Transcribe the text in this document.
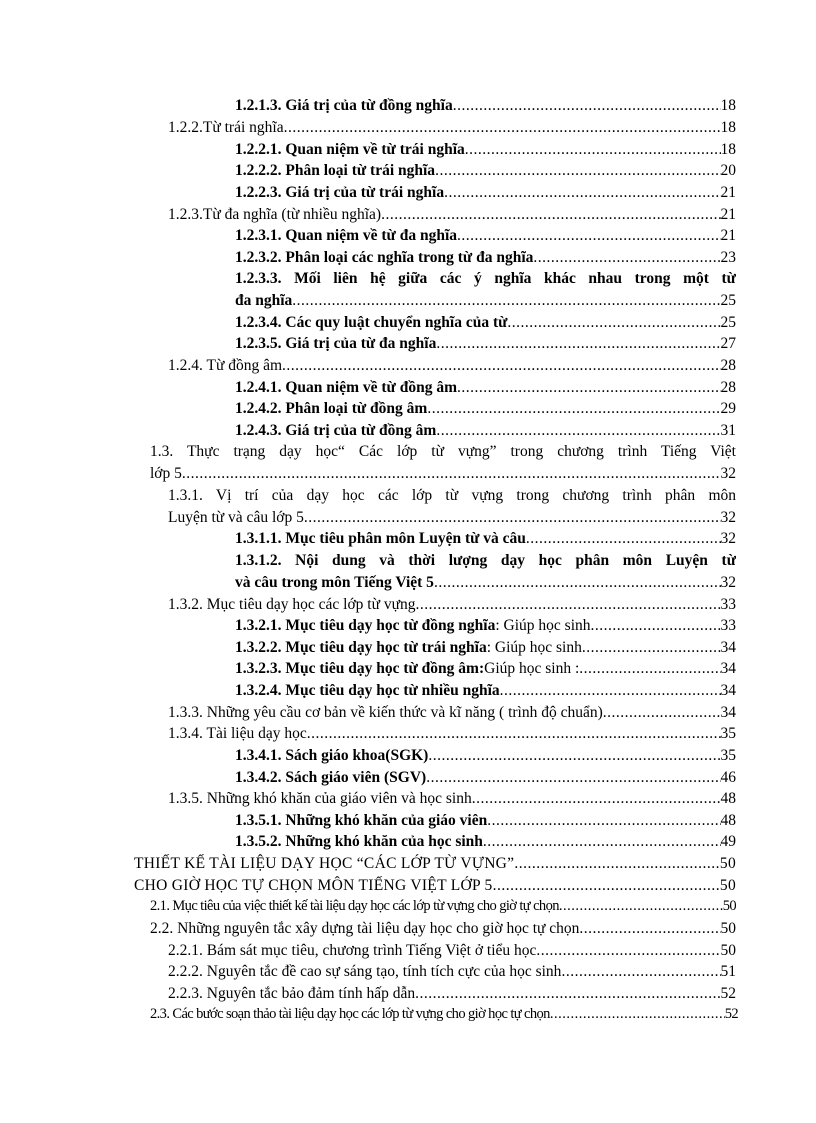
1.2.1.3. Giá trị của từ đồng nghĩa .....	18
1.2.2.Từ trái nghĩa .....	18
1.2.2.1. Quan niệm về từ trái nghĩa .....	18
1.2.2.2. Phân loại từ trái nghĩa .....	20
1.2.2.3. Giá trị của từ trái nghĩa .....	21
1.2.3.Từ đa nghĩa (từ nhiều nghĩa) .....	21
1.2.3.1. Quan niệm về từ đa nghĩa .....	21
1.2.3.2. Phân loại các nghĩa trong từ đa nghĩa .....	23
1.2.3.3. Mối liên hệ giữa các ý nghĩa khác nhau trong một từ
đa nghĩa .....	25
1.2.3.4. Các quy luật chuyển nghĩa của từ .....	25
1.2.3.5. Giá trị của từ đa nghĩa .....	27
1.2.4. Từ đồng âm .....	28
1.2.4.1. Quan niệm về từ đồng âm .....	28
1.2.4.2. Phân loại từ đồng âm .....	29
1.2.4.3. Giá trị của từ đồng âm .....	31
1.3. Thực trạng dạy học“ Các lớp từ vựng” trong chương trình Tiếng Việt
lớp 5 .....	32
1.3.1. Vị trí của dạy học các lớp từ vựng trong chương trình phân môn
Luyện từ và câu lớp 5 .....	32
1.3.1.1. Mục tiêu phân môn Luyện từ và câu .....	32
1.3.1.2. Nội dung và thời lượng dạy học phân môn Luyện từ
và câu trong môn Tiếng Việt 5 .....	32
1.3.2. Mục tiêu dạy học các lớp từ vựng .....	33
1.3.2.1. Mục tiêu dạy học từ đồng nghĩa : Giúp học sinh .....	33
1.3.2.2. Mục tiêu dạy học từ trái nghĩa : Giúp học sinh .....	34
1.3.2.3. Mục tiêu dạy học từ đồng âm: Giúp học sinh : .....	34
1.3.2.4. Mục tiêu dạy học từ nhiều nghĩa .....	34
1.3.3. Những yêu cầu cơ bản về kiến thức và kĩ năng ( trình độ chuẩn) .....	34
1.3.4. Tài liệu dạy học .....	35
1.3.4.1. Sách giáo khoa(SGK) .....	35
1.3.4.2. Sách giáo viên (SGV) .....	46
1.3.5. Những khó khăn của giáo viên và học sinh .....	48
1.3.5.1. Những khó khăn của giáo viên .....	48
1.3.5.2. Những khó khăn của học sinh .....	49
THIẾT KẾ TÀI LIỆU DẠY HỌC “CÁC LỚP TỪ VỰNG” .....	50
CHO GIỜ HỌC TỰ CHỌN MÔN TIẾNG VIỆT LỚP 5 .....	50
2.1. Mục tiêu của việc thiết kế tài liệu dạy học các lớp từ vựng cho giờ tự chọn .....	50
2.2. Những nguyên tắc xây dựng tài liệu dạy học cho giờ học tự chọn .....	50
2.2.1. Bám sát mục tiêu, chương trình Tiếng Việt ở tiểu học .....	50
2.2.2. Nguyên tắc đề cao sự sáng tạo, tính tích cực của học sinh .....	51
2.2.3. Nguyên tắc bảo đảm tính hấp dẫn .....	52
2.3. Các bước soạn thảo tài liệu dạy học các lớp từ vựng cho giờ học tự chọn .....	52
